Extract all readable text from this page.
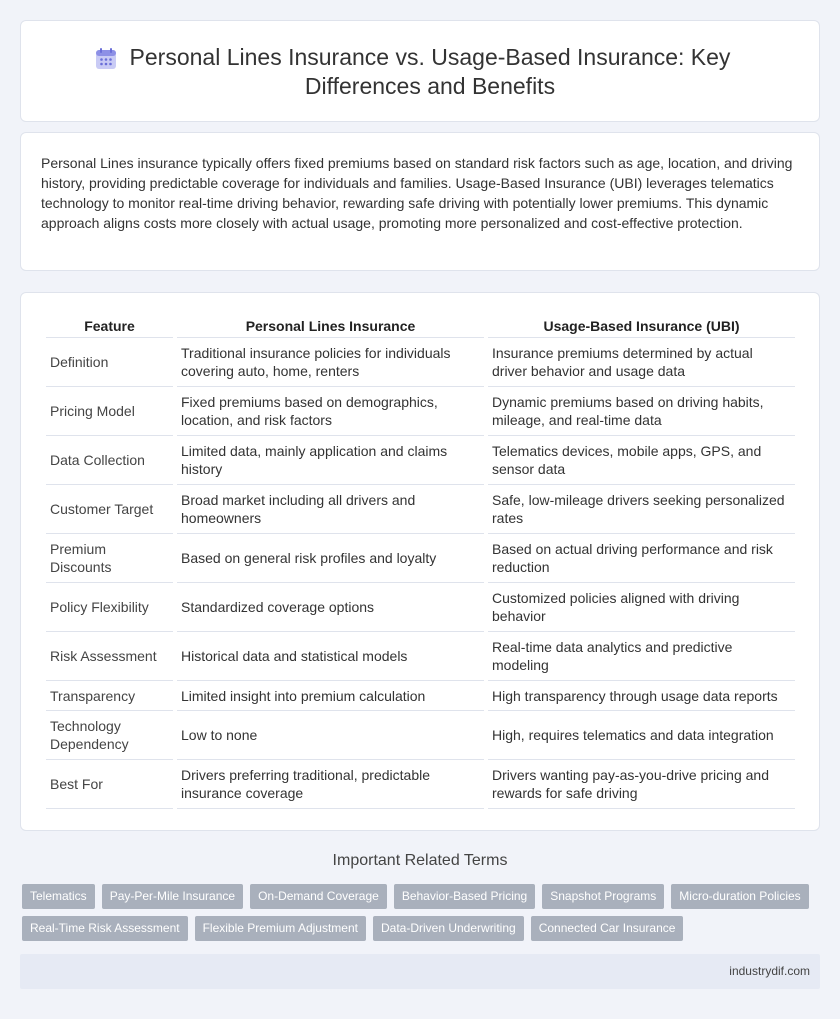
Personal Lines Insurance vs. Usage-Based Insurance: Key Differences and Benefits

Personal Lines insurance typically offers fixed premiums based on standard risk factors such as age, location, and driving history, providing predictable coverage for individuals and families. Usage-Based Insurance (UBI) leverages telematics technology to monitor real-time driving behavior, rewarding safe driving with potentially lower premiums. This dynamic approach aligns costs more closely with actual usage, promoting more personalized and cost-effective protection.

Feature	Personal Lines Insurance	Usage-Based Insurance (UBI)
Definition	Traditional insurance policies for individuals covering auto, home, renters	Insurance premiums determined by actual driver behavior and usage data
Pricing Model	Fixed premiums based on demographics, location, and risk factors	Dynamic premiums based on driving habits, mileage, and real-time data
Data Collection	Limited data, mainly application and claims history	Telematics devices, mobile apps, GPS, and sensor data
Customer Target	Broad market including all drivers and homeowners	Safe, low-mileage drivers seeking personalized rates
Premium Discounts	Based on general risk profiles and loyalty	Based on actual driving performance and risk reduction
Policy Flexibility	Standardized coverage options	Customized policies aligned with driving behavior
Risk Assessment	Historical data and statistical models	Real-time data analytics and predictive modeling
Transparency	Limited insight into premium calculation	High transparency through usage data reports
Technology Dependency	Low to none	High, requires telematics and data integration
Best For	Drivers preferring traditional, predictable insurance coverage	Drivers wanting pay-as-you-drive pricing and rewards for safe driving
Important Related Terms
Telematics	Pay-Per-Mile Insurance	On-Demand Coverage	Behavior-Based Pricing	Snapshot Programs	Micro-duration Policies
Real-Time Risk Assessment	Flexible Premium Adjustment	Data-Driven Underwriting	Connected Car Insurance
industrydif.com
